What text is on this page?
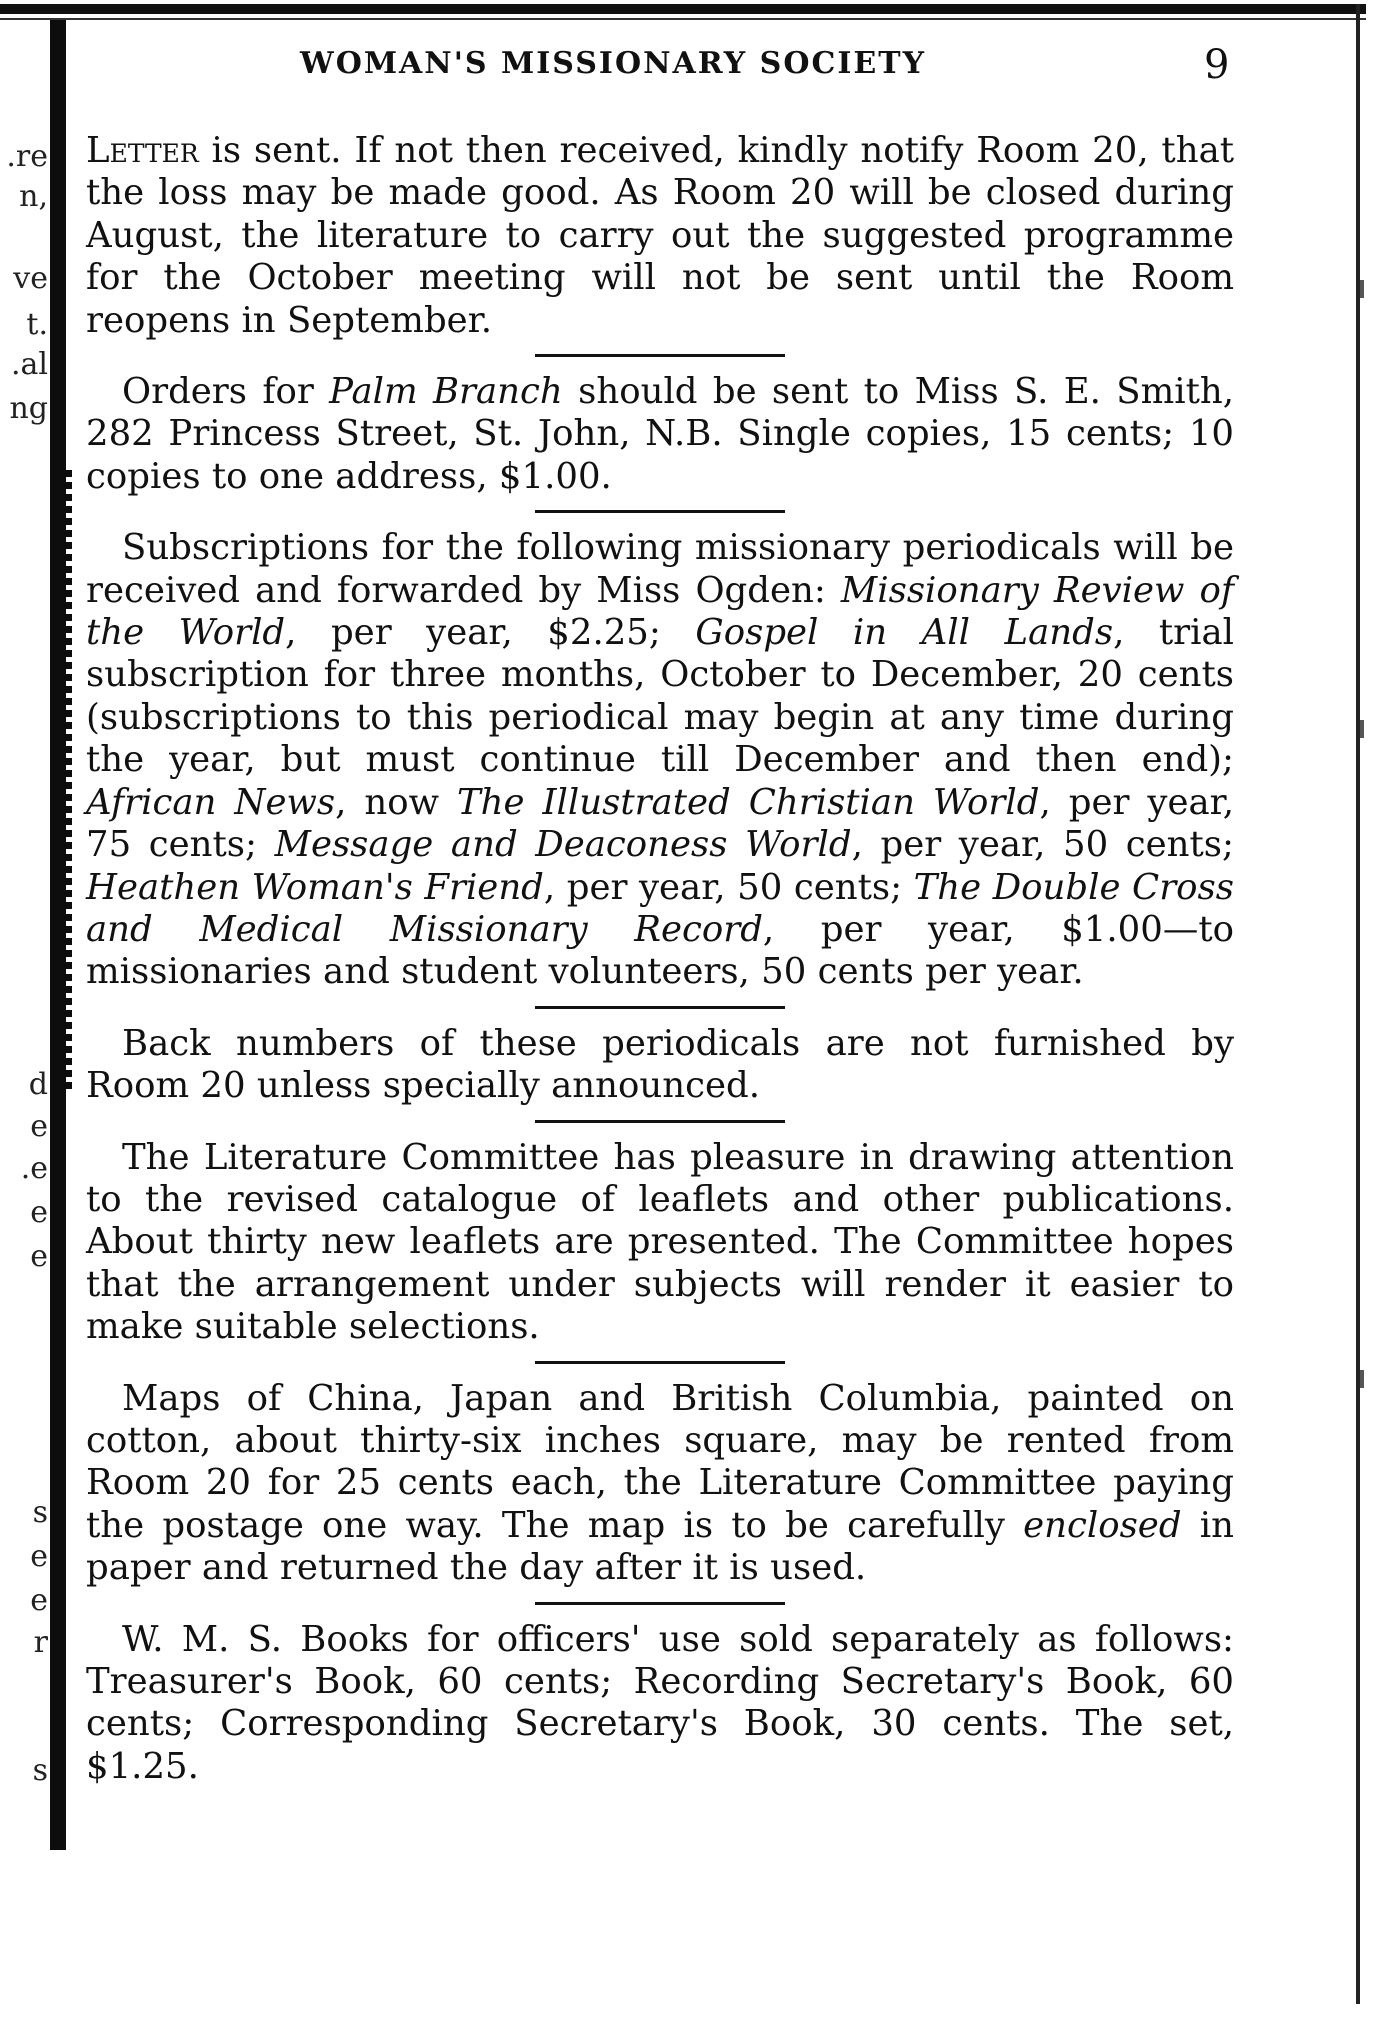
.re
n,
ve
t.
.al
ng
d
e
.e
e
e
s
e
e
r
s
WOMAN'S MISSIONARY SOCIETY	9

Letter is sent. If not then received, kindly notify Room 20, that the loss may be made good. As Room 20 will be closed during August, the literature to carry out the suggested programme for the October meeting will not be sent until the Room reopens in September.

Orders for Palm Branch should be sent to Miss S. E. Smith, 282 Princess Street, St. John, N.B. Single copies, 15 cents; 10 copies to one address, $1.00.

Subscriptions for the following missionary periodicals will be received and forwarded by Miss Ogden: Missionary Review of the World, per year, $2.25; Gospel in All Lands, trial subscription for three months, October to December, 20 cents (subscriptions to this periodical may begin at any time during the year, but must continue till December and then end); African News, now The Illustrated Christian World, per year, 75 cents; Message and Deaconess World, per year, 50 cents; Heathen Woman's Friend, per year, 50 cents; The Double Cross and Medical Missionary Record, per year, $1.00—to missionaries and student volunteers, 50 cents per year.

Back numbers of these periodicals are not furnished by Room 20 unless specially announced.

The Literature Committee has pleasure in drawing attention to the revised catalogue of leaflets and other publications. About thirty new leaflets are presented. The Committee hopes that the arrangement under subjects will render it easier to make suitable selections.

Maps of China, Japan and British Columbia, painted on cotton, about thirty-six inches square, may be rented from Room 20 for 25 cents each, the Literature Committee paying the postage one way. The map is to be carefully enclosed in paper and returned the day after it is used.

W. M. S. Books for officers' use sold separately as follows: Treasurer's Book, 60 cents; Recording Secretary's Book, 60 cents; Corresponding Secretary's Book, 30 cents. The set, $1.25.
